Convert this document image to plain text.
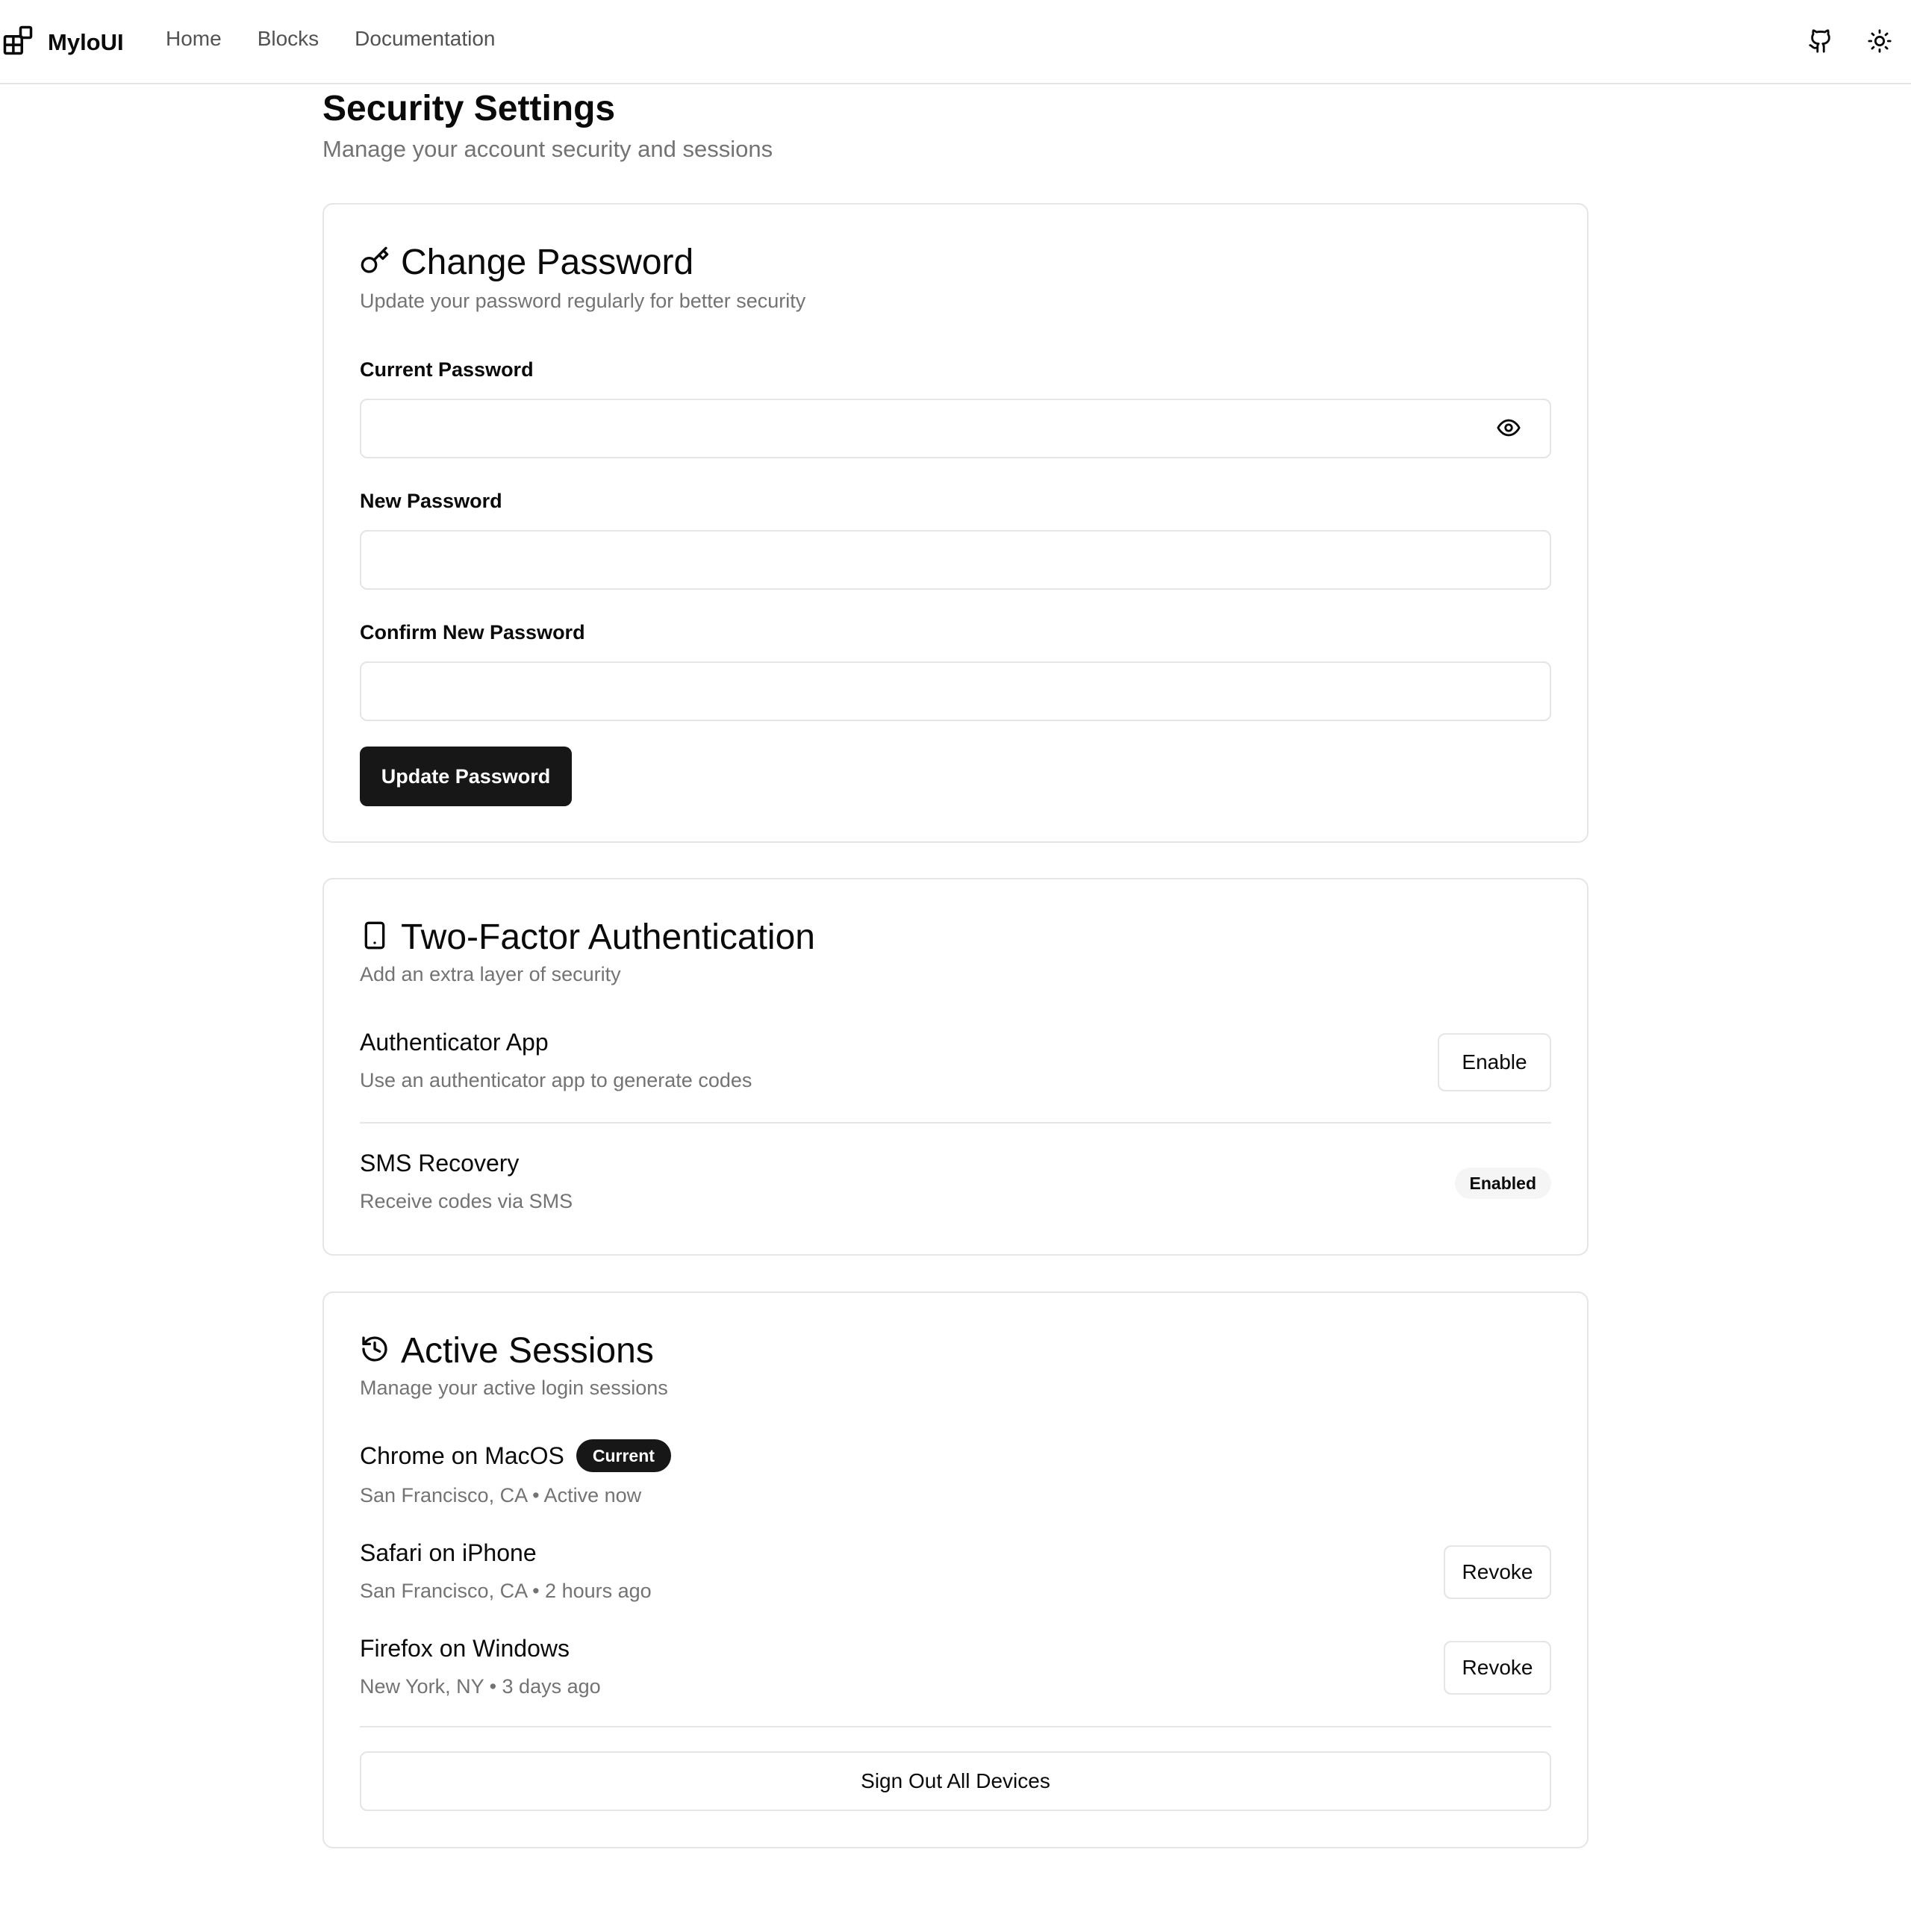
MyloUI Home Blocks Documentation
Security Settings

Manage your account security and sessions

Change Password

Update your password regularly for better security

Current Password
New Password
Confirm New Password
Update Password
Two-Factor Authentication

Add an extra layer of security

Authenticator App
Use an authenticator app to generate codes
Enable
SMS Recovery
Receive codes via SMS
Enabled
Active Sessions

Manage your active login sessions

Chrome on MacOS	Current
San Francisco, CA • Active now
Safari on iPhone
San Francisco, CA • 2 hours ago
Revoke
Firefox on Windows
New York, NY • 3 days ago
Revoke
Sign Out All Devices
